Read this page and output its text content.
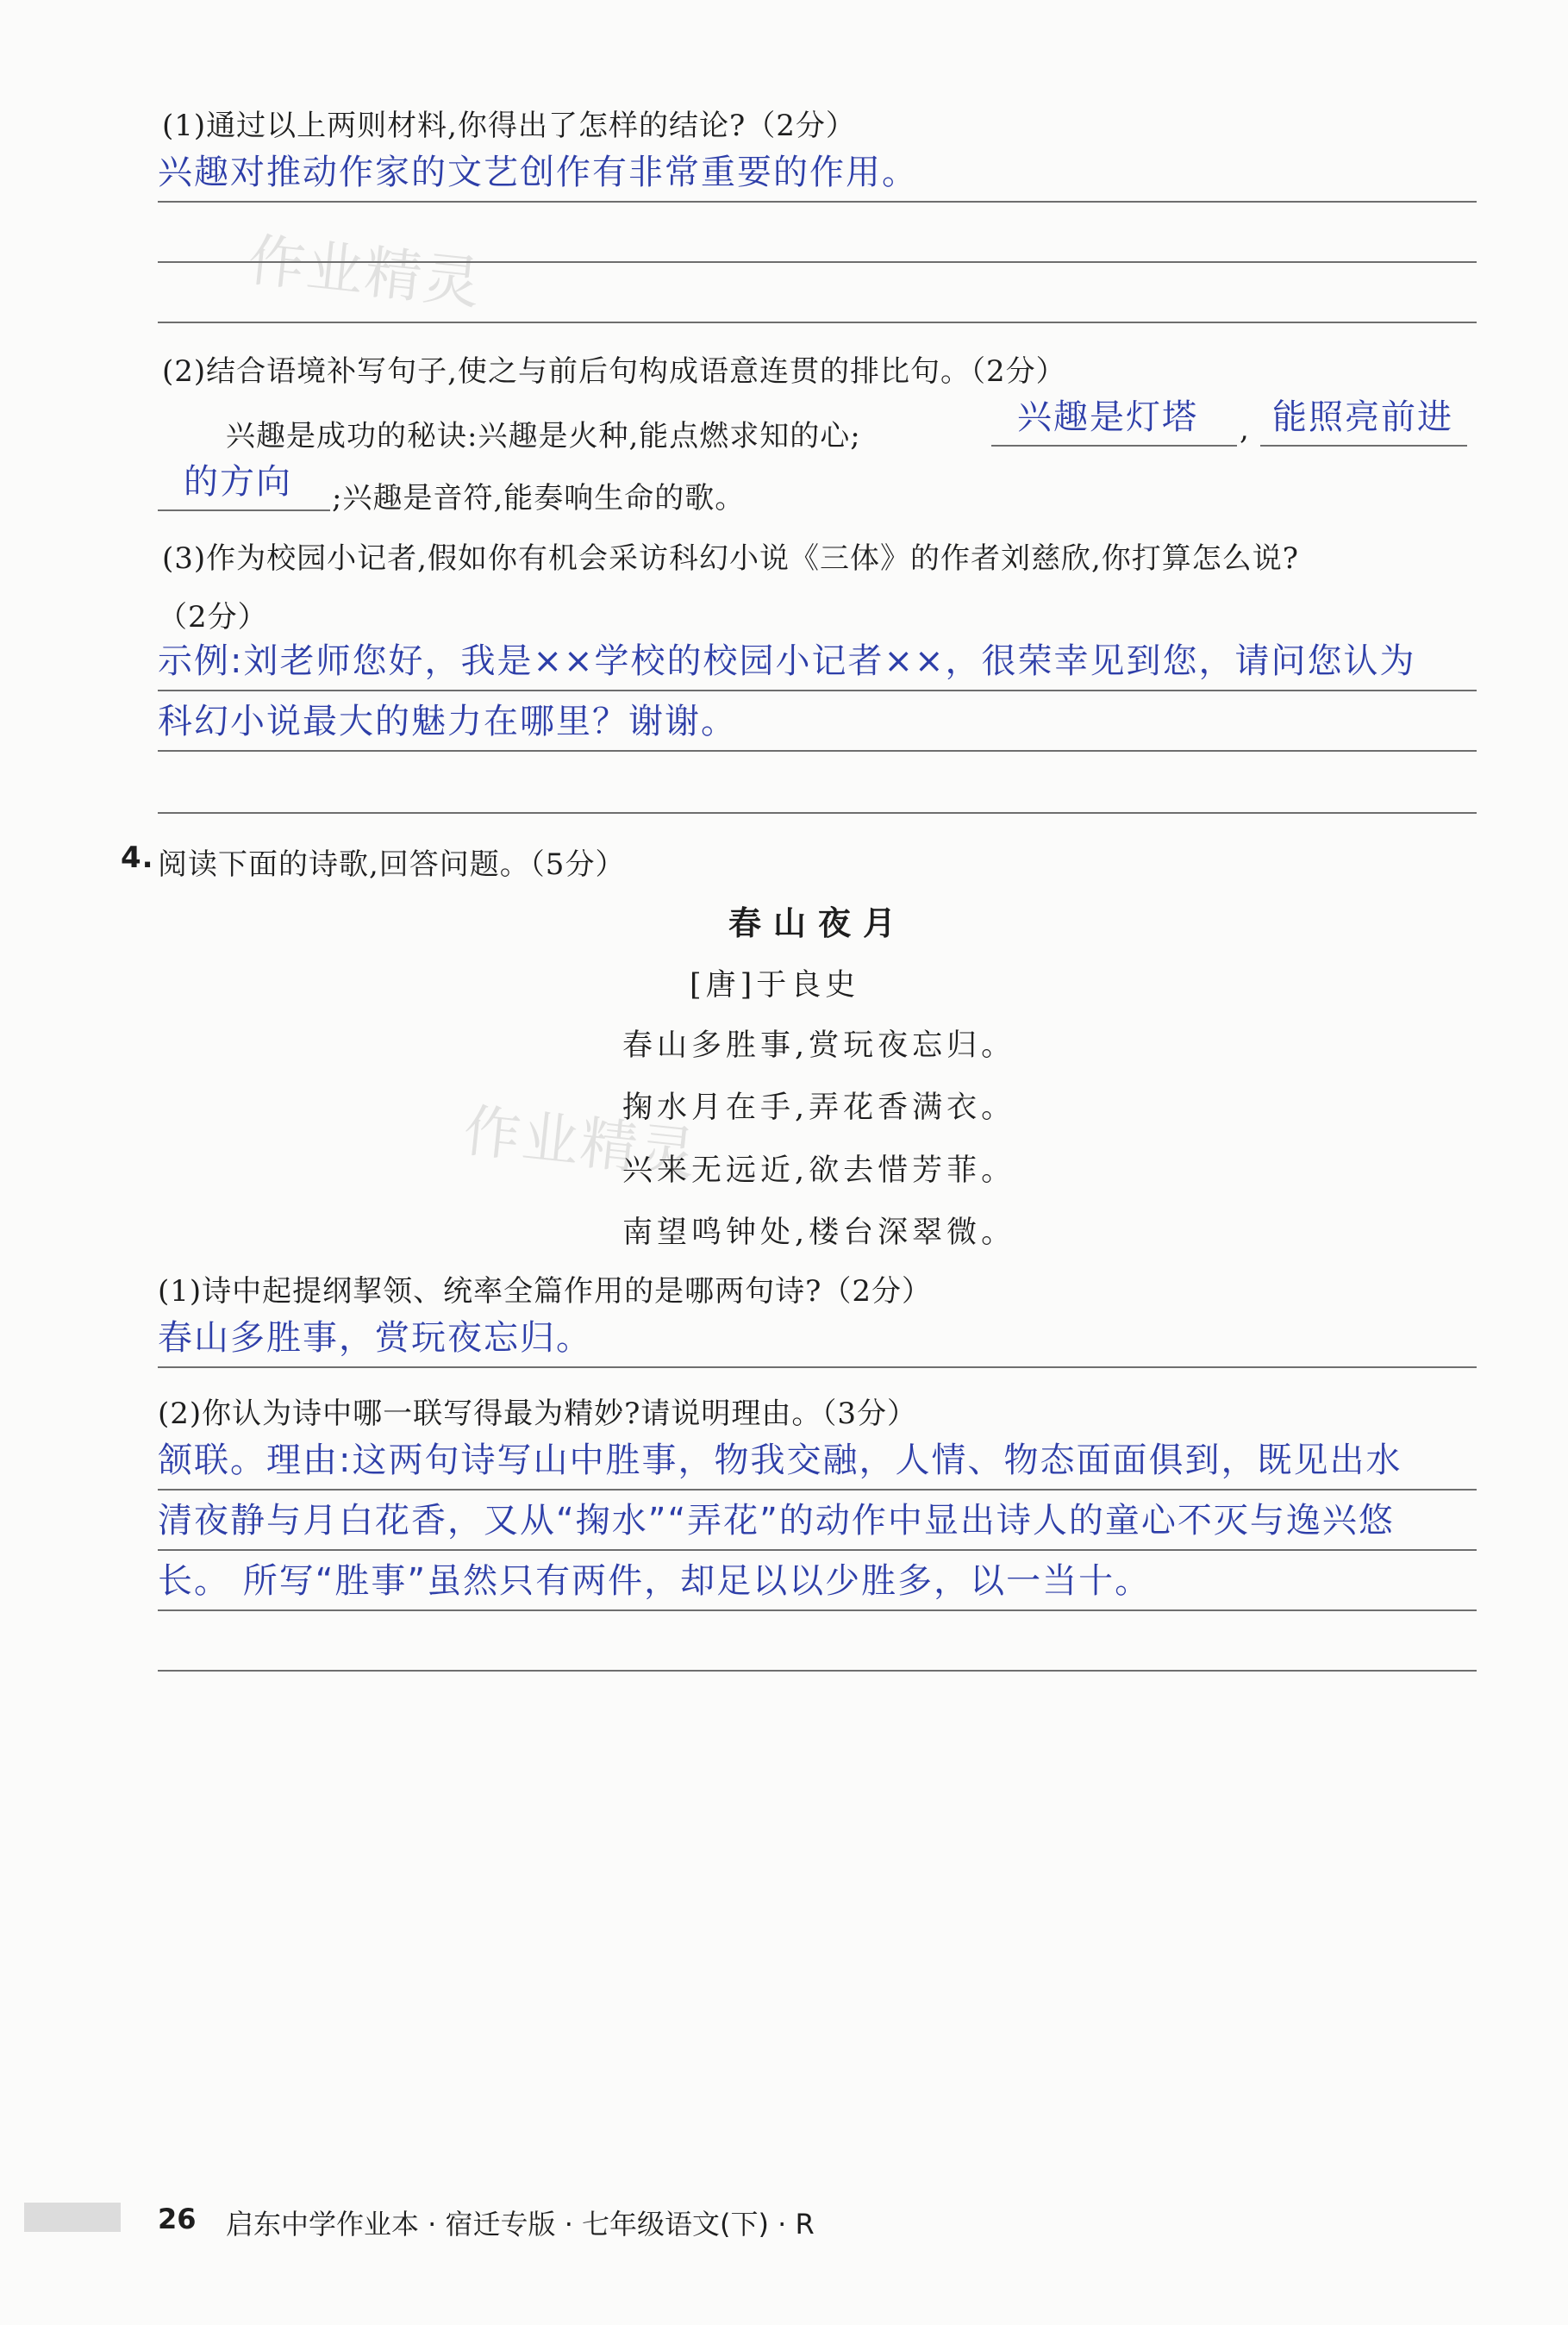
作业精灵
作业精灵
(1)通过以上两则材料,你得出了怎样的结论?（2分）
兴趣对推动作家的文艺创作有非常重要的作用。
(2)结合语境补写句子,使之与前后句构成语意连贯的排比句。（2分）
兴趣是成功的秘诀:兴趣是火种,能点燃求知的心;	兴趣是灯塔 , 能照亮前进
的方向 ;兴趣是音符,能奏响生命的歌。
(3)作为校园小记者,假如你有机会采访科幻小说《三体》的作者刘慈欣,你打算怎么说?
（2分）
示例:刘老师您好，我是××学校的校园小记者××，很荣幸见到您，请问您认为
科幻小说最大的魅力在哪里？谢谢。
4. 阅读下面的诗歌,回答问题。（5分）
春山夜月
[唐]于良史
春山多胜事,赏玩夜忘归。
掬水月在手,弄花香满衣。
兴来无远近,欲去惜芳菲。
南望鸣钟处,楼台深翠微。
(1)诗中起提纲挈领、统率全篇作用的是哪两句诗?（2分）
春山多胜事，赏玩夜忘归。
(2)你认为诗中哪一联写得最为精妙?请说明理由。（3分）
颔联。理由:这两句诗写山中胜事，物我交融，人情、物态面面俱到，既见出水
清夜静与月白花香，又从“掬水”“弄花”的动作中显出诗人的童心不灭与逸兴悠
长。 所写“胜事”虽然只有两件，却足以以少胜多，以一当十。
26 启东中学作业本 · 宿迁专版 · 七年级语文(下) · R
